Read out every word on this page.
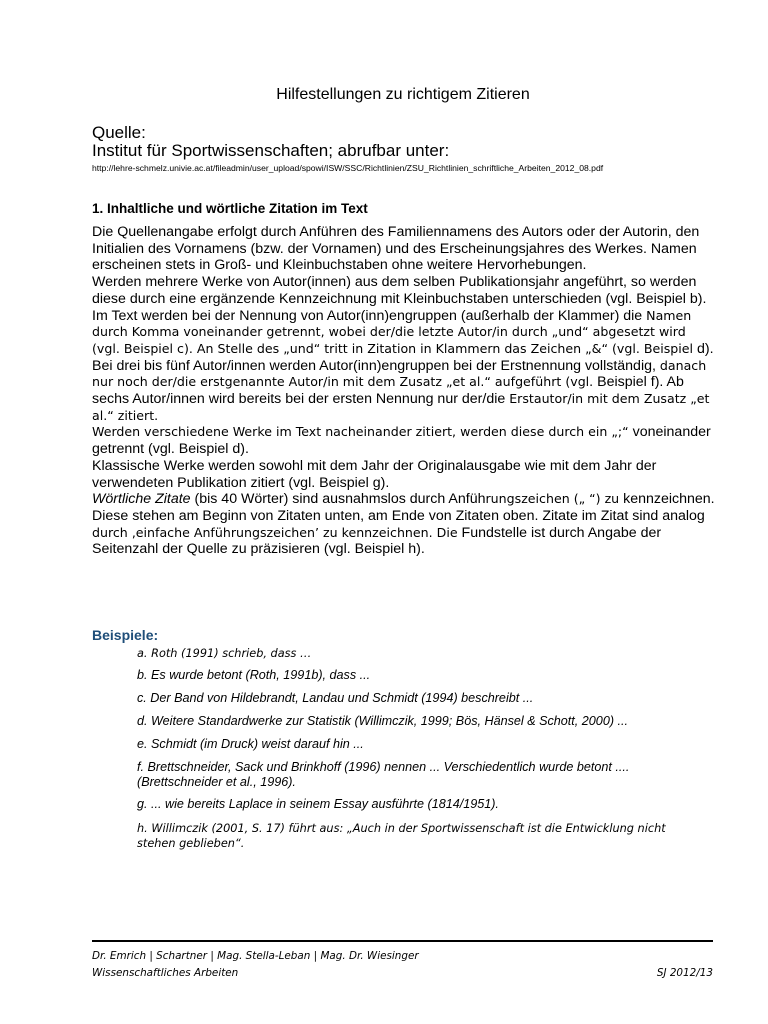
Hilfestellungen zu richtigem Zitieren
Quelle:
Institut für Sportwissenschaften; abrufbar unter:
http://lehre-schmelz.univie.ac.at/fileadmin/user_upload/spowi/ISW/SSC/Richtlinien/ZSU_Richtlinien_schriftliche_Arbeiten_2012_08.pdf
1. Inhaltliche und wörtliche Zitation im Text

Die Quellenangabe erfolgt durch Anführen des Familiennamens des Autors oder der Autorin, den Initialien des Vornamens (bzw. der Vornamen) und des Erscheinungsjahres des Werkes. Namen erscheinen stets in Groß- und Kleinbuchstaben ohne weitere Hervorhebungen.

Werden mehrere Werke von Autor(innen) aus dem selben Publikationsjahr angeführt, so werden diese durch eine ergänzende Kennzeichnung mit Kleinbuchstaben unterschieden (vgl. Beispiel b).

Im Text werden bei der Nennung von Autor(inn)engruppen (außerhalb der Klammer) die Namen durch Komma voneinander getrennt, wobei der/die letzte Autor/in durch „und“ abgesetzt wird (vgl. Beispiel c). An Stelle des „und“ tritt in Zitation in Klammern das Zeichen „&“ (vgl. Beispiel d).

Bei drei bis fünf Autor/innen werden Autor(inn)engruppen bei der Erstnennung vollständig, danach nur noch der/die erstgenannte Autor/in mit dem Zusatz „et al.“ aufgeführt (vgl. Beispiel f). Ab sechs Autor/innen wird bereits bei der ersten Nennung nur der/die Erstautor/in mit dem Zusatz „et al.“ zitiert.

Werden verschiedene Werke im Text nacheinander zitiert, werden diese durch ein „;“ voneinander getrennt (vgl. Beispiel d).

Klassische Werke werden sowohl mit dem Jahr der Originalausgabe wie mit dem Jahr der verwendeten Publikation zitiert (vgl. Beispiel g).

Wörtliche Zitate (bis 40 Wörter) sind ausnahmslos durch Anführungszeichen („ “) zu kennzeichnen. Diese stehen am Beginn von Zitaten unten, am Ende von Zitaten oben. Zitate im Zitat sind analog durch ‚einfache Anführungszeichen’ zu kennzeichnen. Die Fundstelle ist durch Angabe der Seitenzahl der Quelle zu präzisieren (vgl. Beispiel h).

Beispiele:
a. Roth (1991) schrieb, dass …
b. Es wurde betont (Roth, 1991b), dass ...
c. Der Band von Hildebrandt, Landau und Schmidt (1994) beschreibt ...
d. Weitere Standardwerke zur Statistik (Willimczik, 1999; Bös, Hänsel & Schott, 2000) ...
e. Schmidt (im Druck) weist darauf hin ...
f. Brettschneider, Sack und Brinkhoff (1996) nennen ... Verschiedentlich wurde betont .... (Brettschneider et al., 1996).
g. ... wie bereits Laplace in seinem Essay ausführte (1814/1951).
h. Willimczik (2001, S. 17) führt aus: „Auch in der Sportwissenschaft ist die Entwicklung nicht stehen geblieben“.
Dr. Emrich | Schartner | Mag. Stella-Leban | Mag. Dr. Wiesinger
Wissenschaftliches Arbeiten	SJ 2012/13
